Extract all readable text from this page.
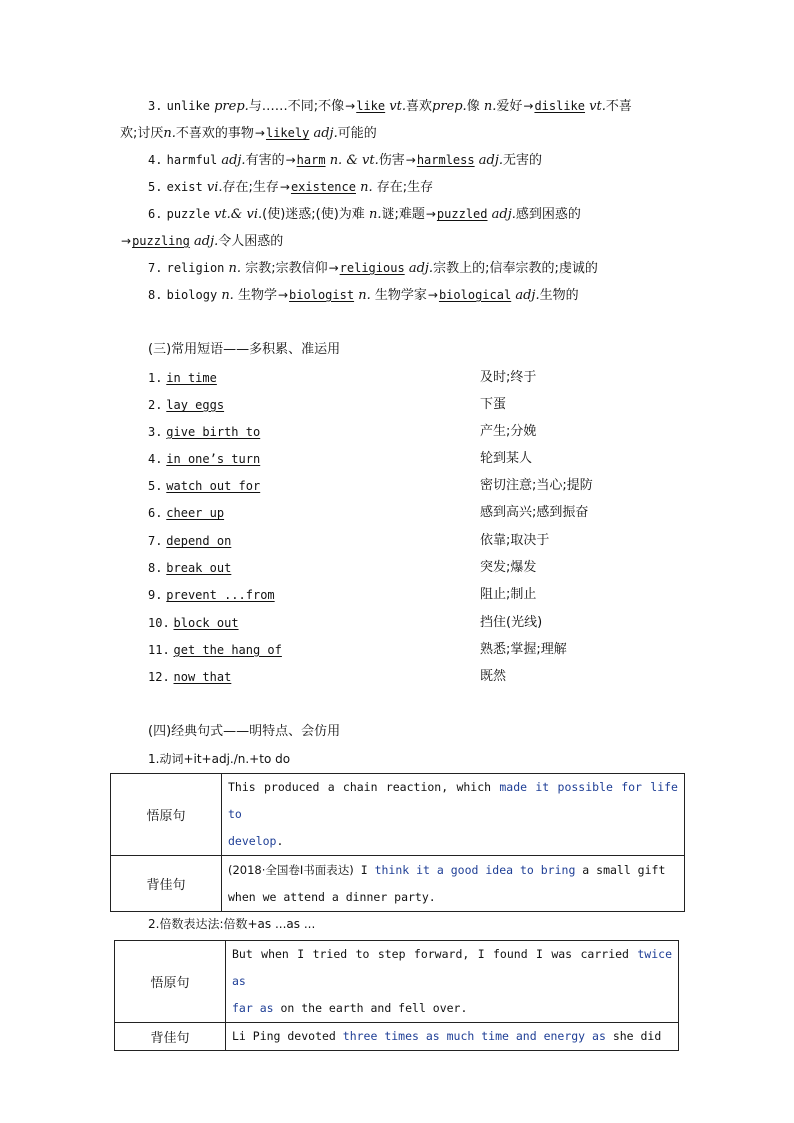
3. unlike prep.与……不同;不像→like vt.喜欢prep.像 n.爱好→dislike vt.不喜
欢;讨厌n.不喜欢的事物→likely adj.可能的
4. harmful adj.有害的→harm n. & vt.伤害→harmless adj.无害的
5. exist vi.存在;生存→existence n. 存在;生存
6. puzzle vt.& vi.(使)迷惑;(使)为难 n.谜;难题→puzzled adj.感到困惑的
→puzzling adj.令人困惑的
7. religion n. 宗教;宗教信仰→religious adj.宗教上的;信奉宗教的;虔诚的
8. biology n. 生物学→biologist n. 生物学家→biological adj.生物的
(三)常用短语——多积累、准运用
1. in time	及时;终于
2. lay eggs	下蛋
3. give birth to	产生;分娩
4. in one’s turn	轮到某人
5. watch out for	密切注意;当心;提防
6. cheer up	感到高兴;感到振奋
7. depend on	依靠;取决于
8. break out	突发;爆发
9. prevent ...from	阻止;制止
10. block out	挡住(光线)
11. get the hang of	熟悉;掌握;理解
12. now that	既然
(四)经典句式——明特点、会仿用
1.动词+it+adj./n.+to do
悟原句	This produced a chain reaction, which made it possible for life to
develop.
背佳句	(2018·全国卷Ⅰ书面表达) I think it a good idea to bring a small gift
when we attend a dinner party.
2.倍数表达法:倍数+as ...as ...
悟原句	But when I tried to step forward, I found I was carried twice as
far as on the earth and fell over.
背佳句	Li Ping devoted three times as much time and energy as she did
